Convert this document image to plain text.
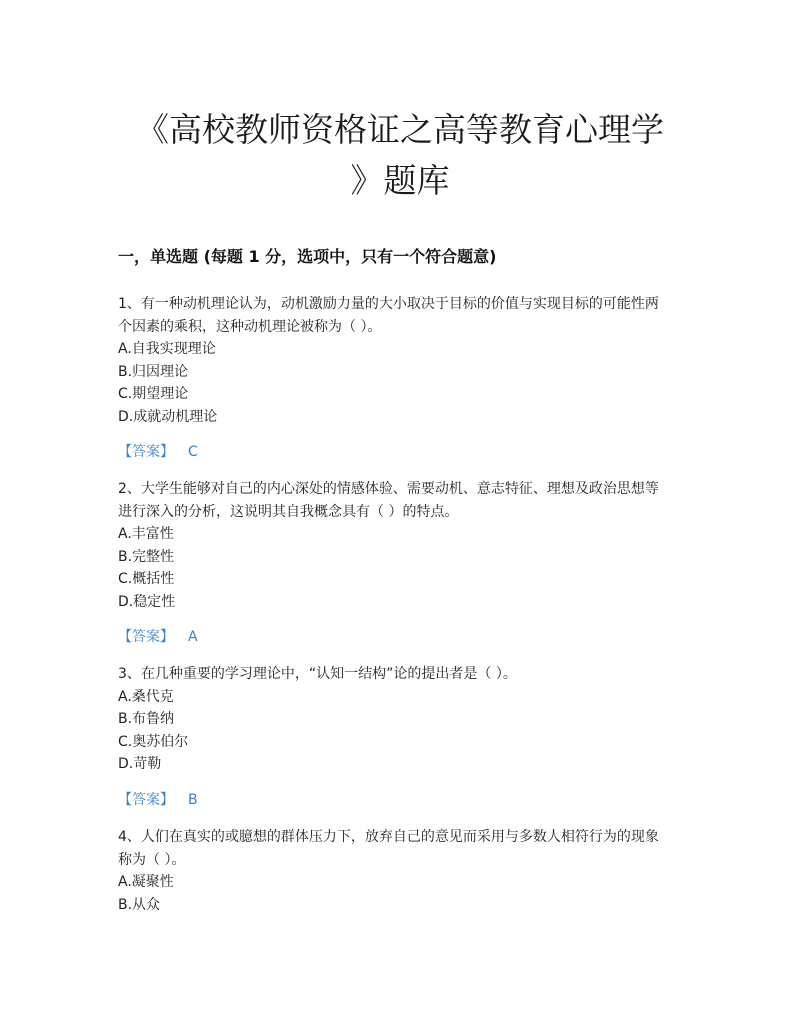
《高校教师资格证之高等教育心理学
》题库
一，单选题 (每题 1 分，选项中，只有一个符合题意)
1、有一种动机理论认为，动机激励力量的大小取决于目标的价值与实现目标的可能性两
个因素的乘积，这种动机理论被称为（ ）。
A.自我实现理论
B.归因理论
C.期望理论
D.成就动机理论
【答案】 C
2、大学生能够对自己的内心深处的情感体验、需要动机、意志特征、理想及政治思想等
进行深入的分析，这说明其自我概念具有（ ）的特点。
A.丰富性
B.完整性
C.概括性
D.稳定性
【答案】 A
3、在几种重要的学习理论中，“认知一结构”论的提出者是（ ）。
A.桑代克
B.布鲁纳
C.奥苏伯尔
D.苛勒
【答案】 B
4、人们在真实的或臆想的群体压力下，放弃自己的意见而采用与多数人相符行为的现象
称为（ ）。
A.凝聚性
B.从众
